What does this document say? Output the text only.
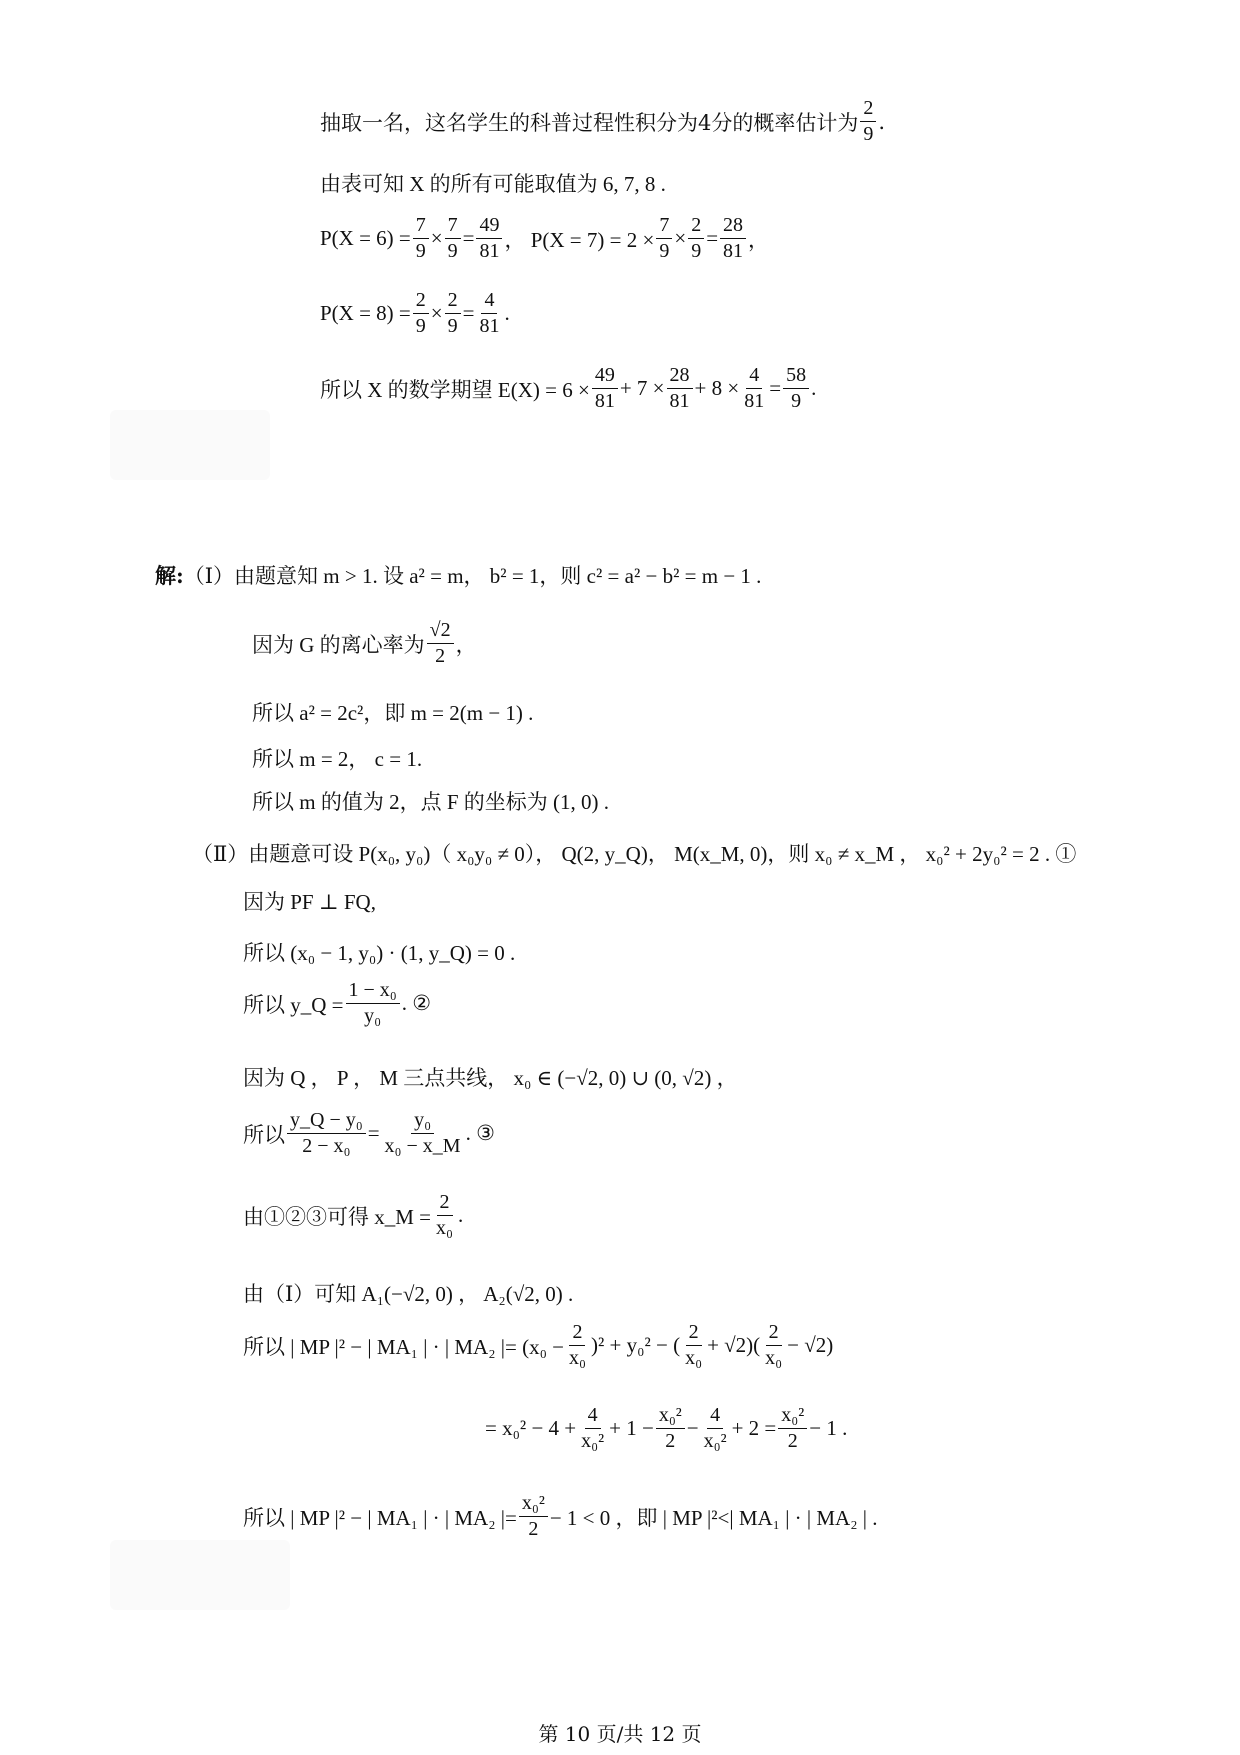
抽取一名，这名学生的科普过程性积分为4分的概率估计为 $\frac{2}{9}$ .
由表可知 X 的所有可能取值为 6, 7, 8 .
$P(X = 6) = \frac{7}{9} \times \frac{7}{9} = \frac{49}{81}$ ， $P(X = 7) = 2 \times \frac{7}{9} \times \frac{2}{9} = \frac{28}{81}$ ，
$P(X = 8) = \frac{2}{9} \times \frac{2}{9} = \frac{4}{81}$ .
所以 X 的数学期望 $E(X) = 6 \times \frac{49}{81} + 7 \times \frac{28}{81} + 8 \times \frac{4}{81} = \frac{58}{9}$ .
解: （Ⅰ）由题意知 m > 1. 设 a² = m， b² = 1，则 c² = a² − b² = m − 1 .
因为 G 的离心率为 $\frac{√2}{2}$ ，
所以 a² = 2c²，即 m = 2(m − 1) .
所以 m = 2， c = 1.
所以 m 的值为 2，点 F 的坐标为 (1, 0) .
（Ⅱ）由题意可设 P(x₀, y₀)（ x₀y₀ ≠ 0）， Q(2, y_Q)， M(x_M, 0)，则 x₀ ≠ x_M ， x₀² + 2y₀² = 2 . ①
因为 PF ⊥ FQ,
所以 (x₀ − 1, y₀) · (1, y_Q) = 0 .
所以 y_Q = $\frac{\text{1 − x₀}}{\text{y₀}}$ . ②
因为 Q ， P ， M 三点共线， x₀ ∈ (−√2, 0) ∪ (0, √2) ，
所以 $\frac{\text{y\_Q − y₀}}{\text{2 − x₀}} = \frac{\text{y₀}}{\text{x₀ − x\_M}}$ . ③
由①②③可得 x_M = $\frac{2}{\text{x₀}}$ .
由（Ⅰ）可知 A₁(−√2, 0) ， A₂(√2, 0) .
所以 | MP |² − | MA₁ | · | MA₂ |= $(x_0 - \frac{2}{\text{x₀}} )^2 + y_0^2$ − ( $\frac{2}{\text{x₀}} + √2)( \frac{2}{\text{x₀}} - √2)$
= $x_0^2 - 4 + \frac{4}{\text{x₀²}} + 1 - \frac{\text{x₀²}}{2} - \frac{4}{\text{x₀²}} + 2 = \frac{\text{x₀²}}{2} - 1$ .
所以 | MP |² − | MA₁ | · | MA₂ |= $\frac{\text{x₀²}}{2} - 1 < 0$ ，即 | MP |²<| MA₁ | · | MA₂ | .
第 10 页/共 12 页
